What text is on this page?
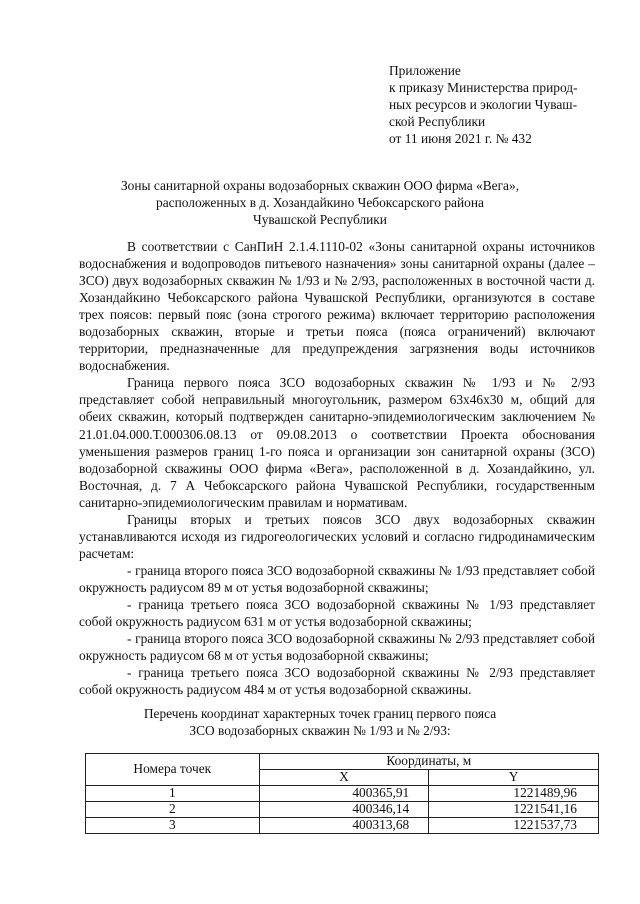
Приложение
к приказу Министерства природ-
ных ресурсов и экологии Чуваш-
ской Республики
от 11 июня 2021 г. № 432
Зоны санитарной охраны водозаборных скважин ООО фирма «Вега»,
расположенных в д. Хозандайкино Чебоксарского района
Чувашской Республики

В соответствии с СанПиН 2.1.4.1110-02 «Зоны санитарной охраны источников водоснабжения и водопроводов питьевого назначения» зоны санитарной охраны (далее – ЗСО) двух водозаборных скважин № 1/93 и № 2/93, расположенных в восточной части д. Хозандайкино Чебоксарского района Чувашской Республики, организуются в составе трех поясов: первый пояс (зона строгого режима) включает территорию расположения водозаборных скважин, вторые и третьи пояса (пояса ограничений) включают территории, предназначенные для предупреждения загрязнения воды источников водоснабжения.

Граница первого пояса ЗСО водозаборных скважин № 1/93 и № 2/93 представляет собой неправильный многоугольник, размером 63х46х30 м, общий для обеих скважин, который подтвержден санитарно-эпидемиологическим заключением № 21.01.04.000.Т.000306.08.13 от 09.08.2013 о соответствии Проекта обоснования уменьшения размеров границ 1-го пояса и организации зон санитарной охраны (ЗСО) водозаборной скважины ООО фирма «Вега», расположенной в д. Хозандайкино, ул. Восточная, д. 7 А Чебоксарского района Чувашской Республики, государственным санитарно-эпидемиологическим правилам и нормативам.

Границы вторых и третьих поясов ЗСО двух водозаборных скважин устанавливаются исходя из гидрогеологических условий и согласно гидродинамическим расчетам:

- граница второго пояса ЗСО водозаборной скважины № 1/93 представляет собой окружность радиусом 89 м от устья водозаборной скважины;

- граница третьего пояса ЗСО водозаборной скважины № 1/93 представляет собой окружность радиусом 631 м от устья водозаборной скважины;

- граница второго пояса ЗСО водозаборной скважины № 2/93 представляет собой окружность радиусом 68 м от устья водозаборной скважины;

- граница третьего пояса ЗСО водозаборной скважины № 2/93 представляет собой окружность радиусом 484 м от устья водозаборной скважины.

Перечень координат характерных точек границ первого пояса
ЗСО водозаборных скважин № 1/93 и № 2/93:
Номера точек	Координаты, м	
	X	Y
1	400365,91	1221489,96
2	400346,14	1221541,16
3	400313,68	1221537,73
